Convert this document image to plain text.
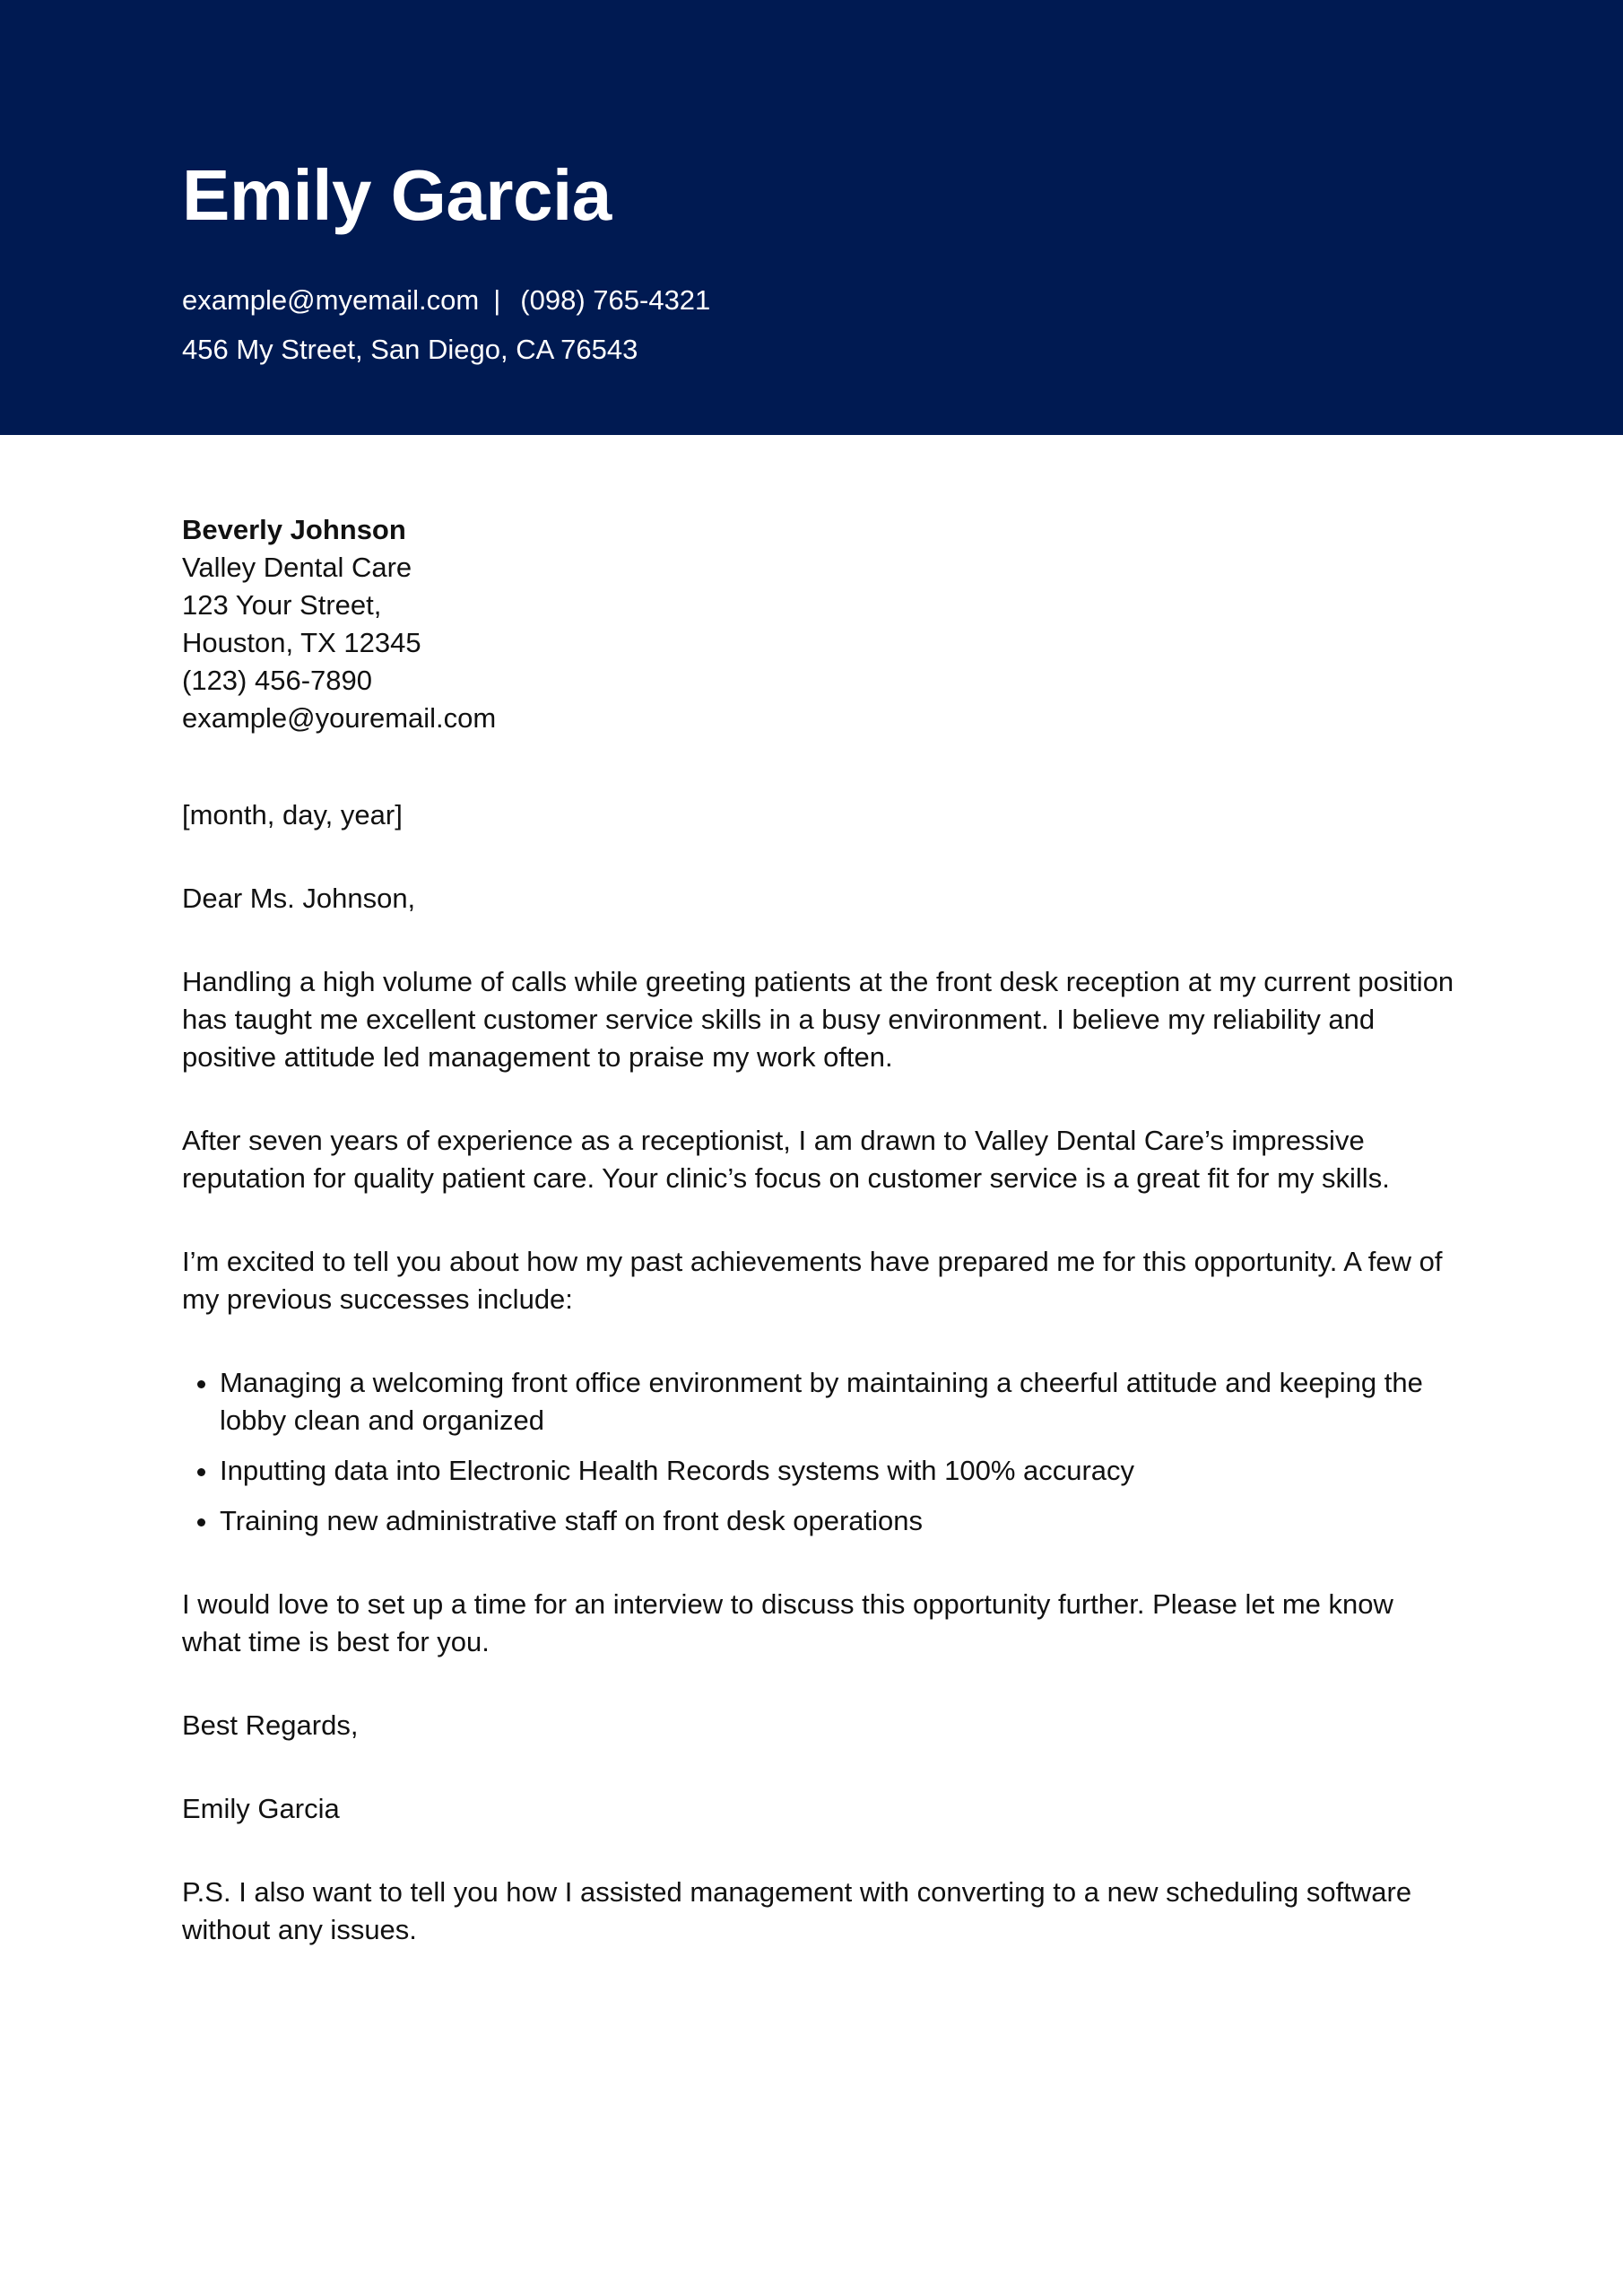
Emily Garcia
example@myemail.com | (098) 765-4321
456 My Street, San Diego, CA 76543
Beverly Johnson
Valley Dental Care
123 Your Street,
Houston, TX 12345
(123) 456-7890
example@youremail.com

[month, day, year]

Dear Ms. Johnson,

Handling a high volume of calls while greeting patients at the front desk reception at my current position has taught me excellent customer service skills in a busy environment. I believe my reliability and positive attitude led management to praise my work often.

After seven years of experience as a receptionist, I am drawn to Valley Dental Care’s impressive reputation for quality patient care. Your clinic’s focus on customer service is a great fit for my skills.

I’m excited to tell you about how my past achievements have prepared me for this opportunity. A few of my previous successes include:

• Managing a welcoming front office environment by maintaining a cheerful attitude and keeping the lobby clean and organized
• Inputting data into Electronic Health Records systems with 100% accuracy
• Training new administrative staff on front desk operations

I would love to set up a time for an interview to discuss this opportunity further. Please let me know what time is best for you.

Best Regards,

Emily Garcia

P.S. I also want to tell you how I assisted management with converting to a new scheduling software without any issues.
